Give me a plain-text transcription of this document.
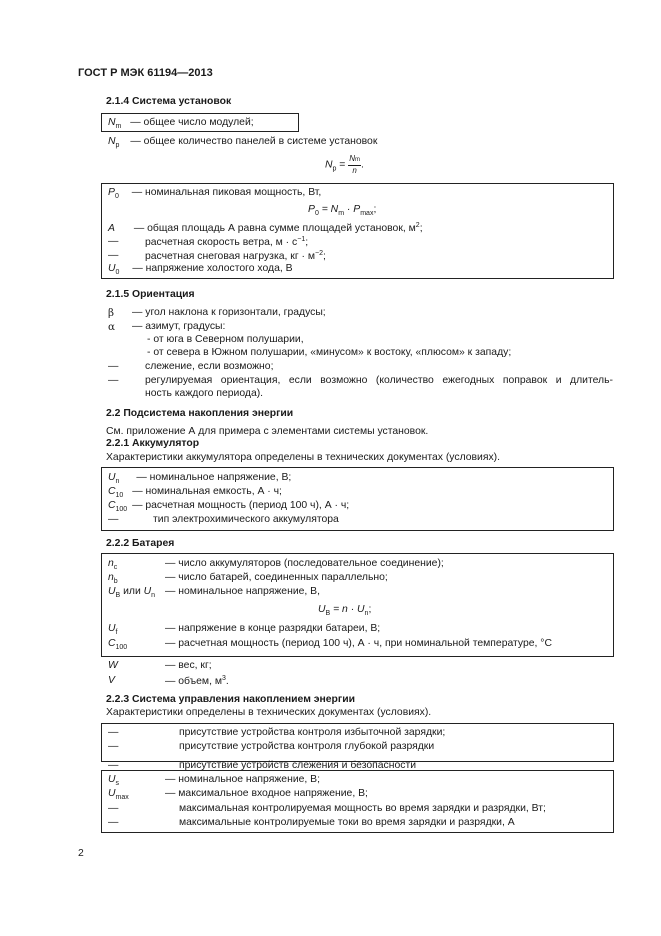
ГОСТ Р МЭК 61194—2013
2.1.4 Система установок
$N_m$ — общее число модулей;
$N_p$ — общее количество панелей в системе установок
$N_p = \frac{Nm}{n}$ .
$P_0$ — номинальная пиковая мощность, Вт,
$P_0 = N_m \cdot P_{max}$;
A — общая площадь А равна сумме площадей установок, $м^2$;
—	расчетная скорость ветра, $м \cdot с^{-1}$;
—	расчетная снеговая нагрузка, кг · $м^{-2}$;
$U_0$ — напряжение холостого хода, В
2.1.5 Ориентация
β — угол наклона к горизонтали, градусы;
α — азимут, градусы:
- от юга в Северном полушарии,
- от севера в Южном полушарии, «минусом» к востоку, «плюсом» к западу;
—	слежение, если возможно;
—	регулируемая ориентация, если возможно (количество ежегодных поправок и длитель-
ность каждого периода).
2.2 Подсистема накопления энергии
См. приложение А для примера с элементами системы установок.
2.2.1 Аккумулятор
Характеристики аккумулятора определены в технических документах (условиях).
$U_n$ — номинальное напряжение, В;
$C_{10}$ — номинальная емкость, А · ч;
$C_{100}$ — расчетная мощность (период 100 ч), А · ч;
—	тип электрохимического аккумулятора
2.2.2 Батарея
$n_c$	— число аккумуляторов (последовательное соединение);
$n_b$	— число батарей, соединенных параллельно;
$U_B$ или $U_n$ — номинальное напряжение, В,
$U_B = n \cdot U_n$;
$U_f$	— напряжение в конце разрядки батареи, В;
$C_{100}$	— расчетная мощность (период 100 ч), А · ч, при номинальной температуре, °C
W	— вес, кг;
V	— объем, $м^3$.
2.2.3 Система управления накоплением энергии
Характеристики определены в технических документах (условиях).
—	присутствие устройства контроля избыточной зарядки;
—	присутствие устройства контроля глубокой разрядки
—	присутствие устройств слежения и безопасности
$U_s$	— номинальное напряжение, В;
$U_{max}$	— максимальное входное напряжение, В;
—	максимальная контролируемая мощность во время зарядки и разрядки, Вт;
—	максимальные контролируемые токи во время зарядки и разрядки, А
2
